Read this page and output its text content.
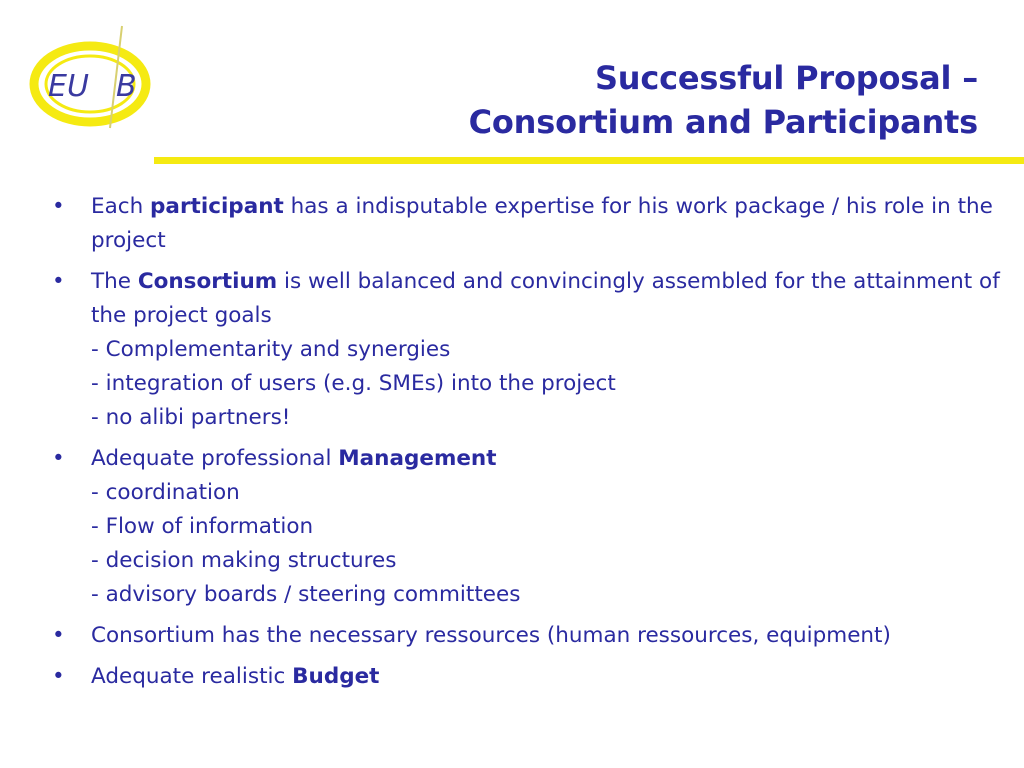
EU B	Successful Proposal –
Consortium and Participants
•	Each participant has a indisputable expertise for his work package / his role in the project
•	The Consortium is well balanced and convincingly assembled for the attainment of the project goals
- Complementarity and synergies
- integration of users (e.g. SMEs) into the project
- no alibi partners!
•	Adequate professional Management
- coordination
- Flow of information
- decision making structures
- advisory boards / steering committees
•	Consortium has the necessary ressources (human ressources, equipment)
•	Adequate realistic Budget
